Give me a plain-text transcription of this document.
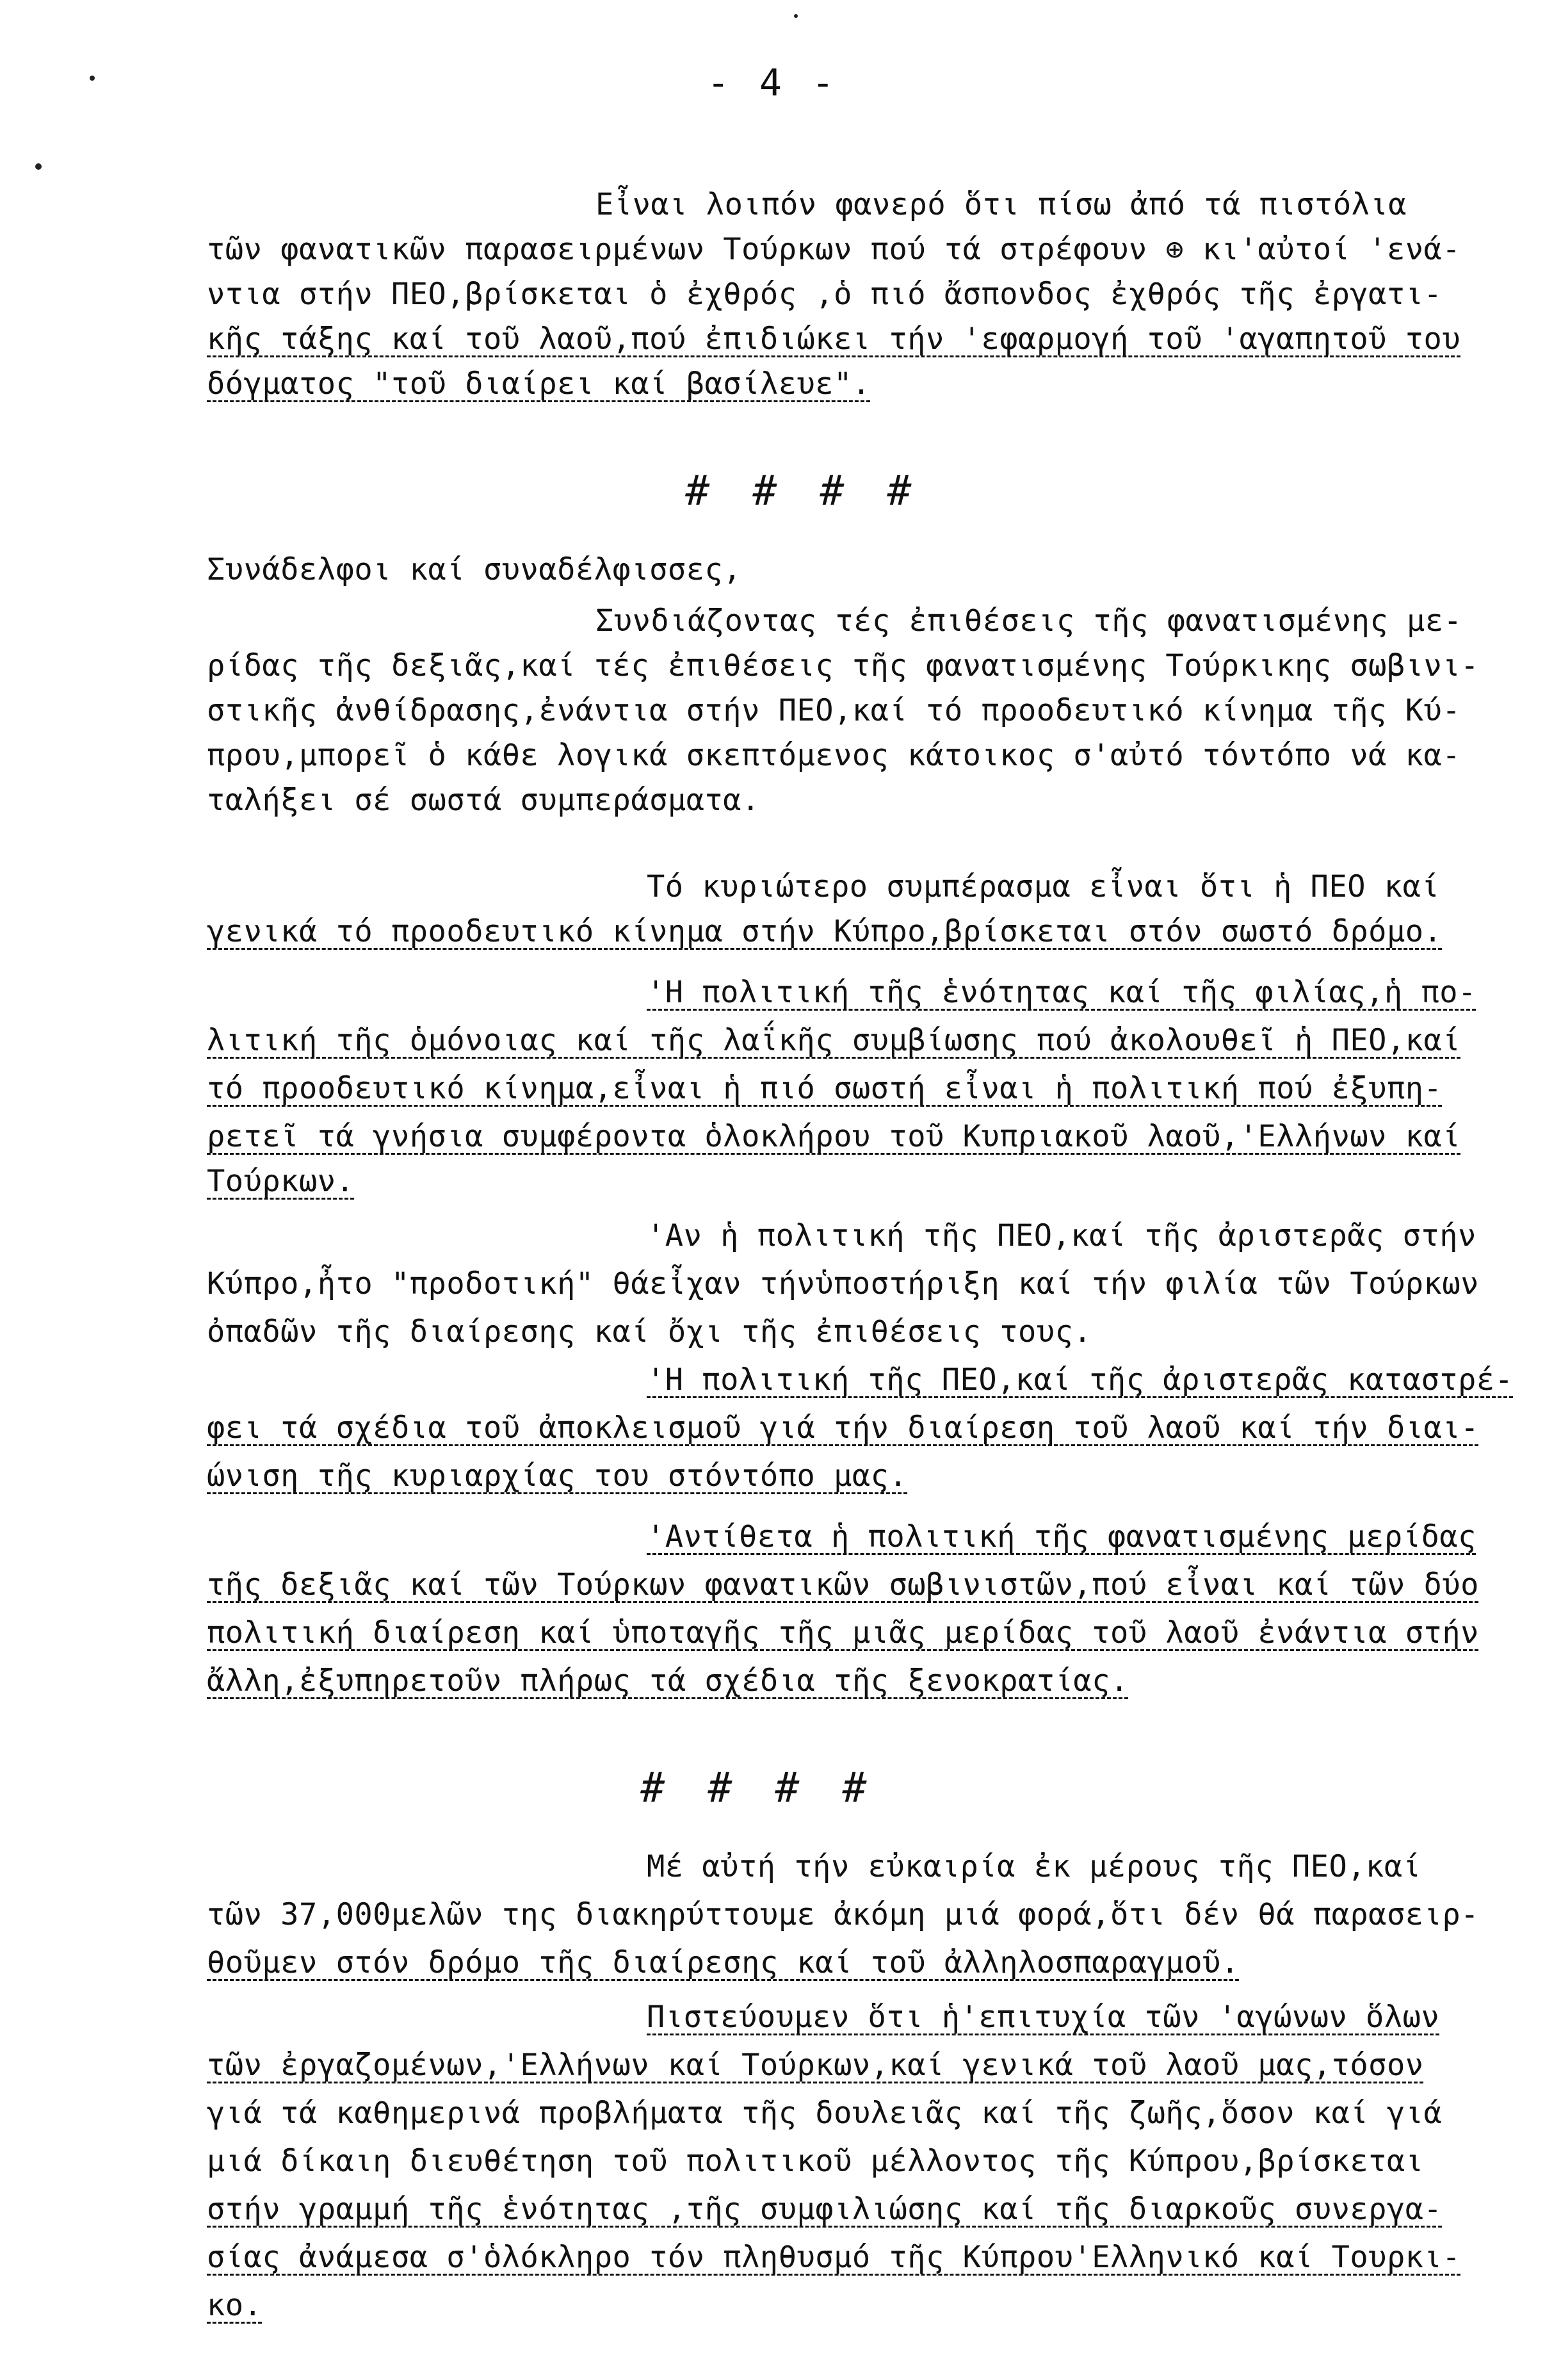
- 4 -
Εἶναι λοιπόν φανερό ὅτι πίσω ἀπό τά πιστόλια
τῶν φανατικῶν παρασειρμένων Τούρκων πού τά στρέφουν ⊕ κι'αὐτοί 'ενά-
ντια στήν ΠΕΟ,βρίσκεται ὁ ἐχθρός ,ὁ πιό ἄσπονδος ἐχθρός τῆς ἐργατι-
κῆς τάξης καί τοῦ λαοῦ,πού ἐπιδιώκει τήν 'εφαρμογή τοῦ 'αγαπητοῦ του
δόγματος "τοῦ διαίρει καί βασίλευε".
# # # #
Συνάδελφοι καί συναδέλφισσες,
Συνδιάζοντας τές ἐπιθέσεις τῆς φανατισμένης με-
ρίδας τῆς δεξιᾶς,καί τές ἐπιθέσεις τῆς φανατισμένης Τούρκικης σωβινι-
στικῆς ἀνθίδρασης,ἐνάντια στήν ΠΕΟ,καί τό προοδευτικό κίνημα τῆς Κύ-
πρου,μπορεῖ ὁ κάθε λογικά σκεπτόμενος κάτοικος σ'αὐτό τόντόπο νά κα-
ταλήξει σέ σωστά συμπεράσματα.
Τό κυριώτερο συμπέρασμα εἶναι ὅτι ἡ ΠΕΟ καί
γενικά τό προοδευτικό κίνημα στήν Κύπρο,βρίσκεται στόν σωστό δρόμο.
'Η πολιτική τῆς ἑνότητας καί τῆς φιλίας,ἡ πο-
λιτική τῆς ὁμόνοιας καί τῆς λαΐκῆς συμβίωσης πού ἀκολουθεῖ ἡ ΠΕΟ,καί
τό προοδευτικό κίνημα,εἶναι ἡ πιό σωστή εἶναι ἡ πολιτική πού ἐξυπη-
ρετεῖ τά γνήσια συμφέροντα ὁλοκλήρου τοῦ Κυπριακοῦ λαοῦ,'Ελλήνων καί
Τούρκων.
'Αν ἡ πολιτική τῆς ΠΕΟ,καί τῆς ἀριστερᾶς στήν
Κύπρο,ἦτο "προδοτική" θάεἶχαν τήνὑποστήριξη καί τήν φιλία τῶν Τούρκων
ὀπαδῶν τῆς διαίρεσης καί ὄχι τῆς ἐπιθέσεις τους.
'Η πολιτική τῆς ΠΕΟ,καί τῆς ἀριστερᾶς καταστρέ-
φει τά σχέδια τοῦ ἀποκλεισμοῦ γιά τήν διαίρεση τοῦ λαοῦ καί τήν διαι-
ώνιση τῆς κυριαρχίας του στόντόπο μας.
'Αντίθετα ἡ πολιτική τῆς φανατισμένης μερίδας
τῆς δεξιᾶς καί τῶν Τούρκων φανατικῶν σωβινιστῶν,πού εἶναι καί τῶν δύο
πολιτική διαίρεση καί ὑποταγῆς τῆς μιᾶς μερίδας τοῦ λαοῦ ἐνάντια στήν
ἄλλη,ἐξυπηρετοῦν πλήρως τά σχέδια τῆς ξενοκρατίας.
# # # #
Μέ αὐτή τήν εὐκαιρία ἐκ μέρους τῆς ΠΕΟ,καί
τῶν 37,000μελῶν της διακηρύττουμε ἀκόμη μιά φορά,ὅτι δέν θά παρασειρ-
θοῦμεν στόν δρόμο τῆς διαίρεσης καί τοῦ ἀλληλοσπαραγμοῦ.
Πιστεύουμεν ὅτι ἡ'επιτυχία τῶν 'αγώνων ὅλων
τῶν ἐργαζομένων,'Ελλήνων καί Τούρκων,καί γενικά τοῦ λαοῦ μας,τόσον
γιά τά καθημερινά προβλήματα τῆς δουλειᾶς καί τῆς ζωῆς,ὅσον καί γιά
μιά δίκαιη διευθέτηση τοῦ πολιτικοῦ μέλλοντος τῆς Κύπρου,βρίσκεται
στήν γραμμή τῆς ἑνότητας ,τῆς συμφιλιώσης καί τῆς διαρκοῦς συνεργα-
σίας ἀνάμεσα σ'ὁλόκληρο τόν πληθυσμό τῆς Κύπρου'Ελληνικό καί Τουρκι-
κο.
